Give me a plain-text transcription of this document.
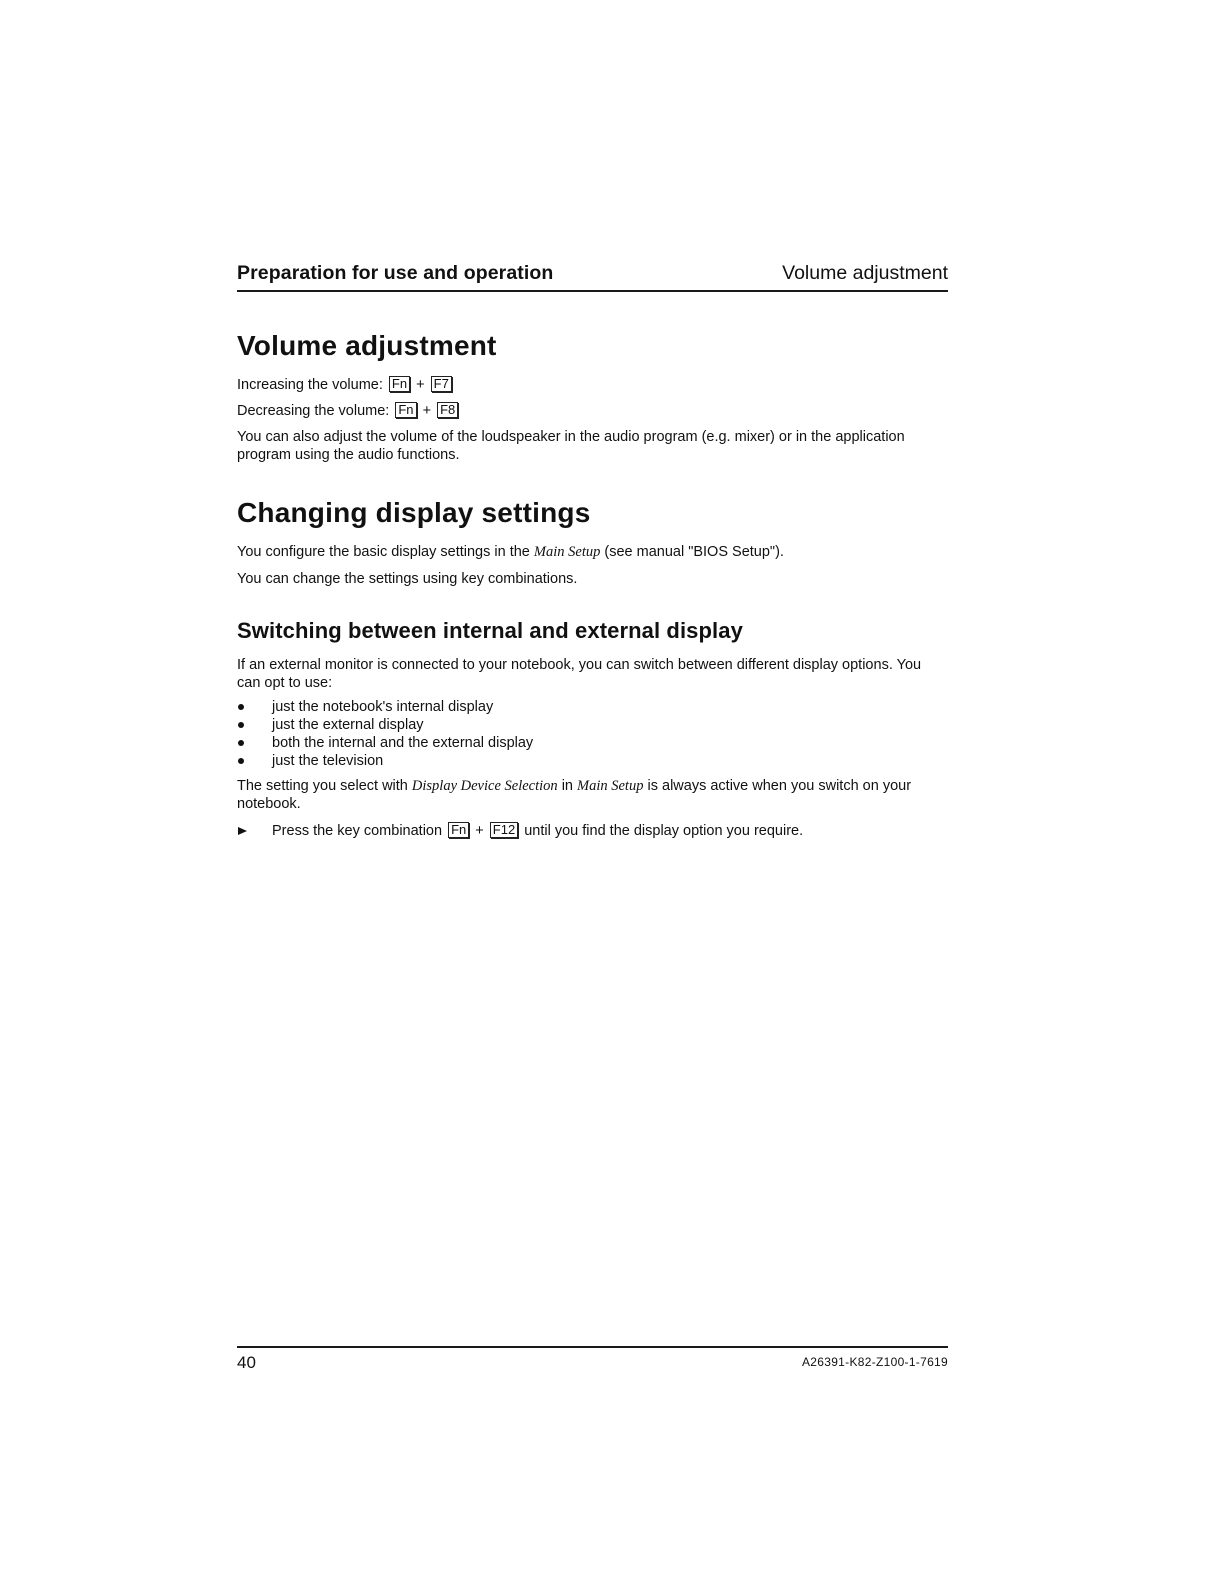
Preparation for use and operation	Volume adjustment
Volume adjustment

Increasing the volume: Fn + F7

Decreasing the volume: Fn + F8

You can also adjust the volume of the loudspeaker in the audio program (e.g. mixer) or in the application program using the audio functions.

Changing display settings

You configure the basic display settings in the Main Setup (see manual "BIOS Setup").

You can change the settings using key combinations.

Switching between internal and external display

If an external monitor is connected to your notebook, you can switch between different display options. You can opt to use:

just the notebook's internal display
just the external display
both the internal and the external display
just the television

The setting you select with Display Device Selection in Main Setup is always active when you switch on your notebook.

Press the key combination Fn + F12 until you find the display option you require.
40	A26391-K82-Z100-1-7619
